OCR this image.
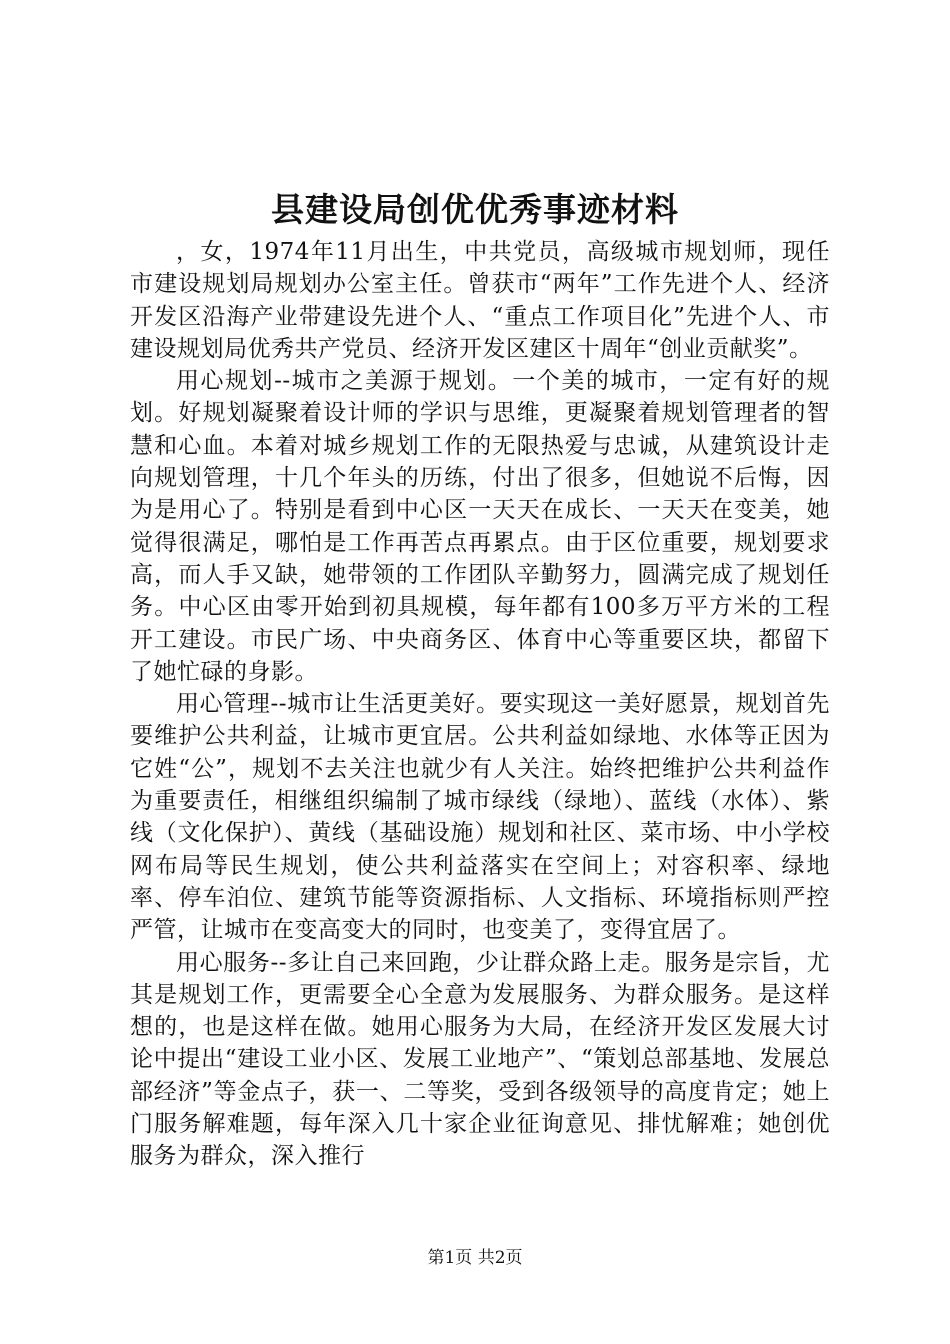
县建设局创优优秀事迹材料

，女，1974年11月出生，中共党员，高级城市规划师，现任市建设规划局规划办公室主任。曾获市“两年”工作先进个人、经济开发区沿海产业带建设先进个人、“重点工作项目化”先进个人、市建设规划局优秀共产党员、经济开发区建区十周年“创业贡献奖”。

用心规划--城市之美源于规划。一个美的城市，一定有好的规划。好规划凝聚着设计师的学识与思维，更凝聚着规划管理者的智慧和心血。本着对城乡规划工作的无限热爱与忠诚，从建筑设计走向规划管理，十几个年头的历练，付出了很多，但她说不后悔，因为是用心了。特别是看到中心区一天天在成长、一天天在变美，她觉得很满足，哪怕是工作再苦点再累点。由于区位重要，规划要求高，而人手又缺，她带领的工作团队辛勤努力，圆满完成了规划任务。中心区由零开始到初具规模，每年都有100多万平方米的工程开工建设。市民广场、中央商务区、体育中心等重要区块，都留下了她忙碌的身影。

用心管理--城市让生活更美好。要实现这一美好愿景，规划首先要维护公共利益，让城市更宜居。公共利益如绿地、水体等正因为它姓“公”，规划不去关注也就少有人关注。始终把维护公共利益作为重要责任，相继组织编制了城市绿线（绿地）、蓝线（水体）、紫线（文化保护）、黄线（基础设施）规划和社区、菜市场、中小学校网布局等民生规划，使公共利益落实在空间上；对容积率、绿地率、停车泊位、建筑节能等资源指标、人文指标、环境指标则严控严管，让城市在变高变大的同时，也变美了，变得宜居了。

用心服务--多让自己来回跑，少让群众路上走。服务是宗旨，尤其是规划工作，更需要全心全意为发展服务、为群众服务。是这样想的，也是这样在做。她用心服务为大局，在经济开发区发展大讨论中提出“建设工业小区、发展工业地产”、“策划总部基地、发展总部经济”等金点子，获一、二等奖，受到各级领导的高度肯定；她上门服务解难题，每年深入几十家企业征询意见、排忧解难；她创优服务为群众，深入推行

第1页 共2页
